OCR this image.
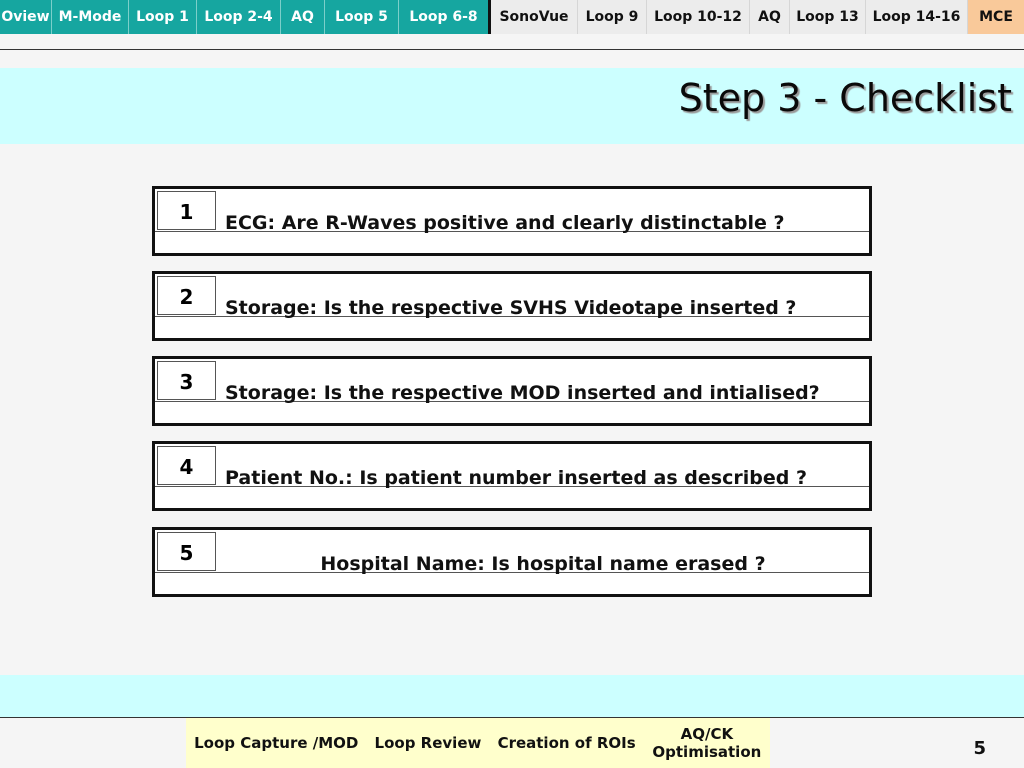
Oview M-Mode	Loop 1	Loop 2-4	AQ	Loop 5	Loop 6-8	SonoVue	Loop 9	Loop 10-12	AQ	Loop 13 Loop 14-16	MCE
Step 3 - Checklist
1	ECG: Are R-Waves positive and clearly distinctable ?
2	Storage: Is the respective SVHS Videotape inserted ?
3	Storage: Is the respective MOD inserted and intialised?
4	Patient No.: Is patient number inserted as described ?
5	Hospital Name: Is hospital name erased ?
Loop Capture /MOD Loop Review Creation of ROIs	AQ/CK Optimisation	5
